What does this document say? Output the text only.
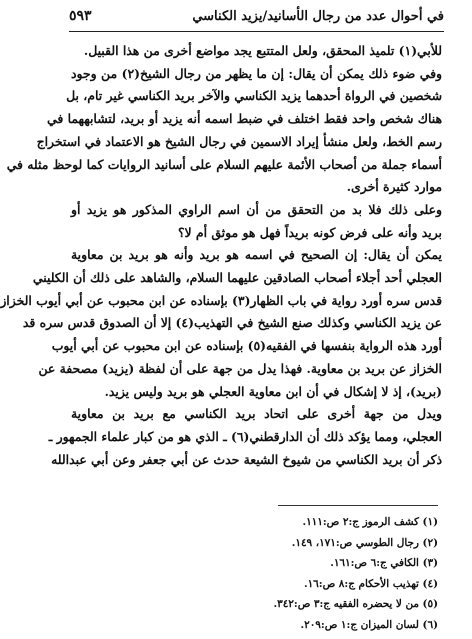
في أحوال عدد من رجال الأسانيد/يزيد الكناسي
٥٩٣
للأبي(١) تلميذ المحقق، ولعل المتتبع يجد مواضع أخرى من هذا القبيل.
وفي ضوء ذلك يمكن أن يقال: إن ما يظهر من رجال الشيخ(٢) من وجود
شخصين في الرواة أحدهما يزيد الكناسي والآخر بريد الكناسي غير تام، بل
هناك شخص واحد فقط اختلف في ضبط اسمه أنه يزيد أو بريد، لتشابههما في
رسم الخط، ولعل منشأ إيراد الاسمين في رجال الشيخ هو الاعتماد في استخراج
أسماء جملة من أصحاب الأئمة عليهم السلام على أسانيد الروايات كما لوحظ مثله في
موارد كثيرة أخرى.
وعلى ذلك فلا بد من التحقق من أن اسم الراوي المذكور هو يزيد أو
بريد وأنه على فرض كونه بريداً فهل هو موثق أم لا؟
يمكن أن يقال: إن الصحيح في اسمه هو بريد وأنه هو بريد بن معاوية
العجلي أحد أجلاء أصحاب الصادقين عليهما السلام، والشاهد على ذلك أن الكليني
قدس سره أورد رواية في باب الظهار(٣) بإسناده عن ابن محبوب عن أبي أيوب الخزاز
عن يزيد الكناسي وكذلك صنع الشيخ في التهذيب(٤) إلا أن الصدوق قدس سره قد
أورد هذه الرواية بنفسها في الفقيه(٥) بإسناده عن ابن محبوب عن أبي أيوب
الخزاز عن بريد بن معاوية. فهذا يدل من جهة على أن لفظة (يزيد) مصحفة عن
(بريد)، إذ لا إشكال في أن ابن معاوية العجلي هو بريد وليس يزيد.
ويدل من جهة أخرى على اتحاد بريد الكناسي مع بريد بن معاوية
العجلي، ومما يؤكد ذلك أن الدارقطني(٦) ـ الذي هو من كبار علماء الجمهور ـ
ذكر أن بريد الكناسي من شيوخ الشيعة حدث عن أبي جعفر وعن أبي عبدالله
(١) كشف الرموز ج:٢ ص:١١١.
(٢) رجال الطوسي ص:١٧١، ١٤٩.
(٣) الكافي ج:٦ ص:١٦١.
(٤) تهذيب الأحكام ج:٨ ص:١٦.
(٥) من لا يحضره الفقيه ج:٣ ص:٣٤٢.
(٦) لسان الميزان ج:١ ص:٢٠٩.
